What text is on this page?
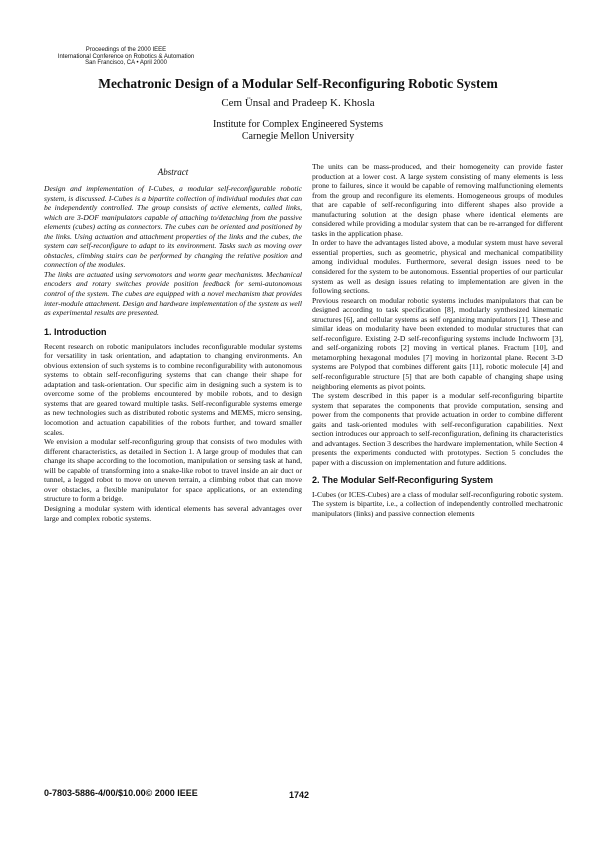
Proceedings of the 2000 IEEE
International Conference on Robotics & Automation
San Francisco, CA • April 2000
Mechatronic Design of a Modular Self-Reconfiguring Robotic System
Cem Ünsal and Pradeep K. Khosla
Institute for Complex Engineered Systems
Carnegie Mellon University
Abstract

Design and implementation of I-Cubes, a modular self-reconfigurable robotic system, is discussed. I-Cubes is a bipartite collection of individual modules that can be independently controlled. The group consists of active elements, called links, which are 3-DOF manipulators capable of attaching to/detaching from the passive elements (cubes) acting as connectors. The cubes can be oriented and positioned by the links. Using actuation and attachment properties of the links and the cubes, the system can self-reconfigure to adapt to its environment. Tasks such as moving over obstacles, climbing stairs can be performed by changing the relative position and connection of the modules.

The links are actuated using servomotors and worm gear mechanisms. Mechanical encoders and rotary switches provide position feedback for semi-autonomous control of the system. The cubes are equipped with a novel mechanism that provides inter-module attachment. Design and hardware implementation of the system as well as experimental results are presented.

1. Introduction

Recent research on robotic manipulators includes reconfigurable modular systems for versatility in task orientation, and adaptation to changing environments. An obvious extension of such systems is to combine reconfigurability with autonomous systems to obtain self-reconfiguring systems that can change their shape for adaptation and task-orientation. Our specific aim in designing such a system is to overcome some of the problems encountered by mobile robots, and to design systems that are geared toward multiple tasks. Self-reconfigurable systems emerge as new technologies such as distributed robotic systems and MEMS, micro sensing, locomotion and actuation capabilities of the robots further, and toward smaller scales.

We envision a modular self-reconfiguring group that consists of two modules with different characteristics, as detailed in Section 1. A large group of modules that can change its shape according to the locomotion, manipulation or sensing task at hand, will be capable of transforming into a snake-like robot to travel inside an air duct or tunnel, a legged robot to move on uneven terrain, a climbing robot that can move over obstacles, a flexible manipulator for space applications, or an extending structure to form a bridge.

Designing a modular system with identical elements has several advantages over large and complex robotic systems.

The units can be mass-produced, and their homogeneity can provide faster production at a lower cost. A large system consisting of many elements is less prone to failures, since it would be capable of removing malfunctioning elements from the group and reconfigure its elements. Homogeneous groups of modules that are capable of self-reconfiguring into different shapes also provide a manufacturing solution at the design phase where identical elements are considered while providing a modular system that can be re-arranged for different tasks in the application phase.

In order to have the advantages listed above, a modular system must have several essential properties, such as geometric, physical and mechanical compatibility among individual modules. Furthermore, several design issues need to be considered for the system to be autonomous. Essential properties of our particular system as well as design issues relating to implementation are given in the following sections.

Previous research on modular robotic systems includes manipulators that can be designed according to task specification [8], modularly synthesized kinematic structures [6], and cellular systems as self organizing manipulators [1]. These and similar ideas on modularity have been extended to modular structures that can self-reconfigure. Existing 2-D self-reconfiguring systems include Inchworm [3], and self-organizing robots [2] moving in vertical planes. Fractum [10], and metamorphing hexagonal modules [7] moving in horizontal plane. Recent 3-D systems are Polypod that combines different gaits [11], robotic molecule [4] and self-reconfigurable structure [5] that are both capable of changing shape using neighboring elements as pivot points.

The system described in this paper is a modular self-reconfiguring bipartite system that separates the components that provide computation, sensing and power from the components that provide actuation in order to combine different gaits and task-oriented modules with self-reconfiguration capabilities. Next section introduces our approach to self-reconfiguration, defining its characteristics and advantages. Section 3 describes the hardware implementation, while Section 4 presents the experiments conducted with prototypes. Section 5 concludes the paper with a discussion on implementation and future additions.

2. The Modular Self-Reconfiguring System

I-Cubes (or ICES-Cubes) are a class of modular self-reconfiguring robotic system. The system is bipartite, i.e., a collection of independently controlled mechatronic manipulators (links) and passive connection elements

0-7803-5886-4/00/$10.00© 2000 IEEE	1742
